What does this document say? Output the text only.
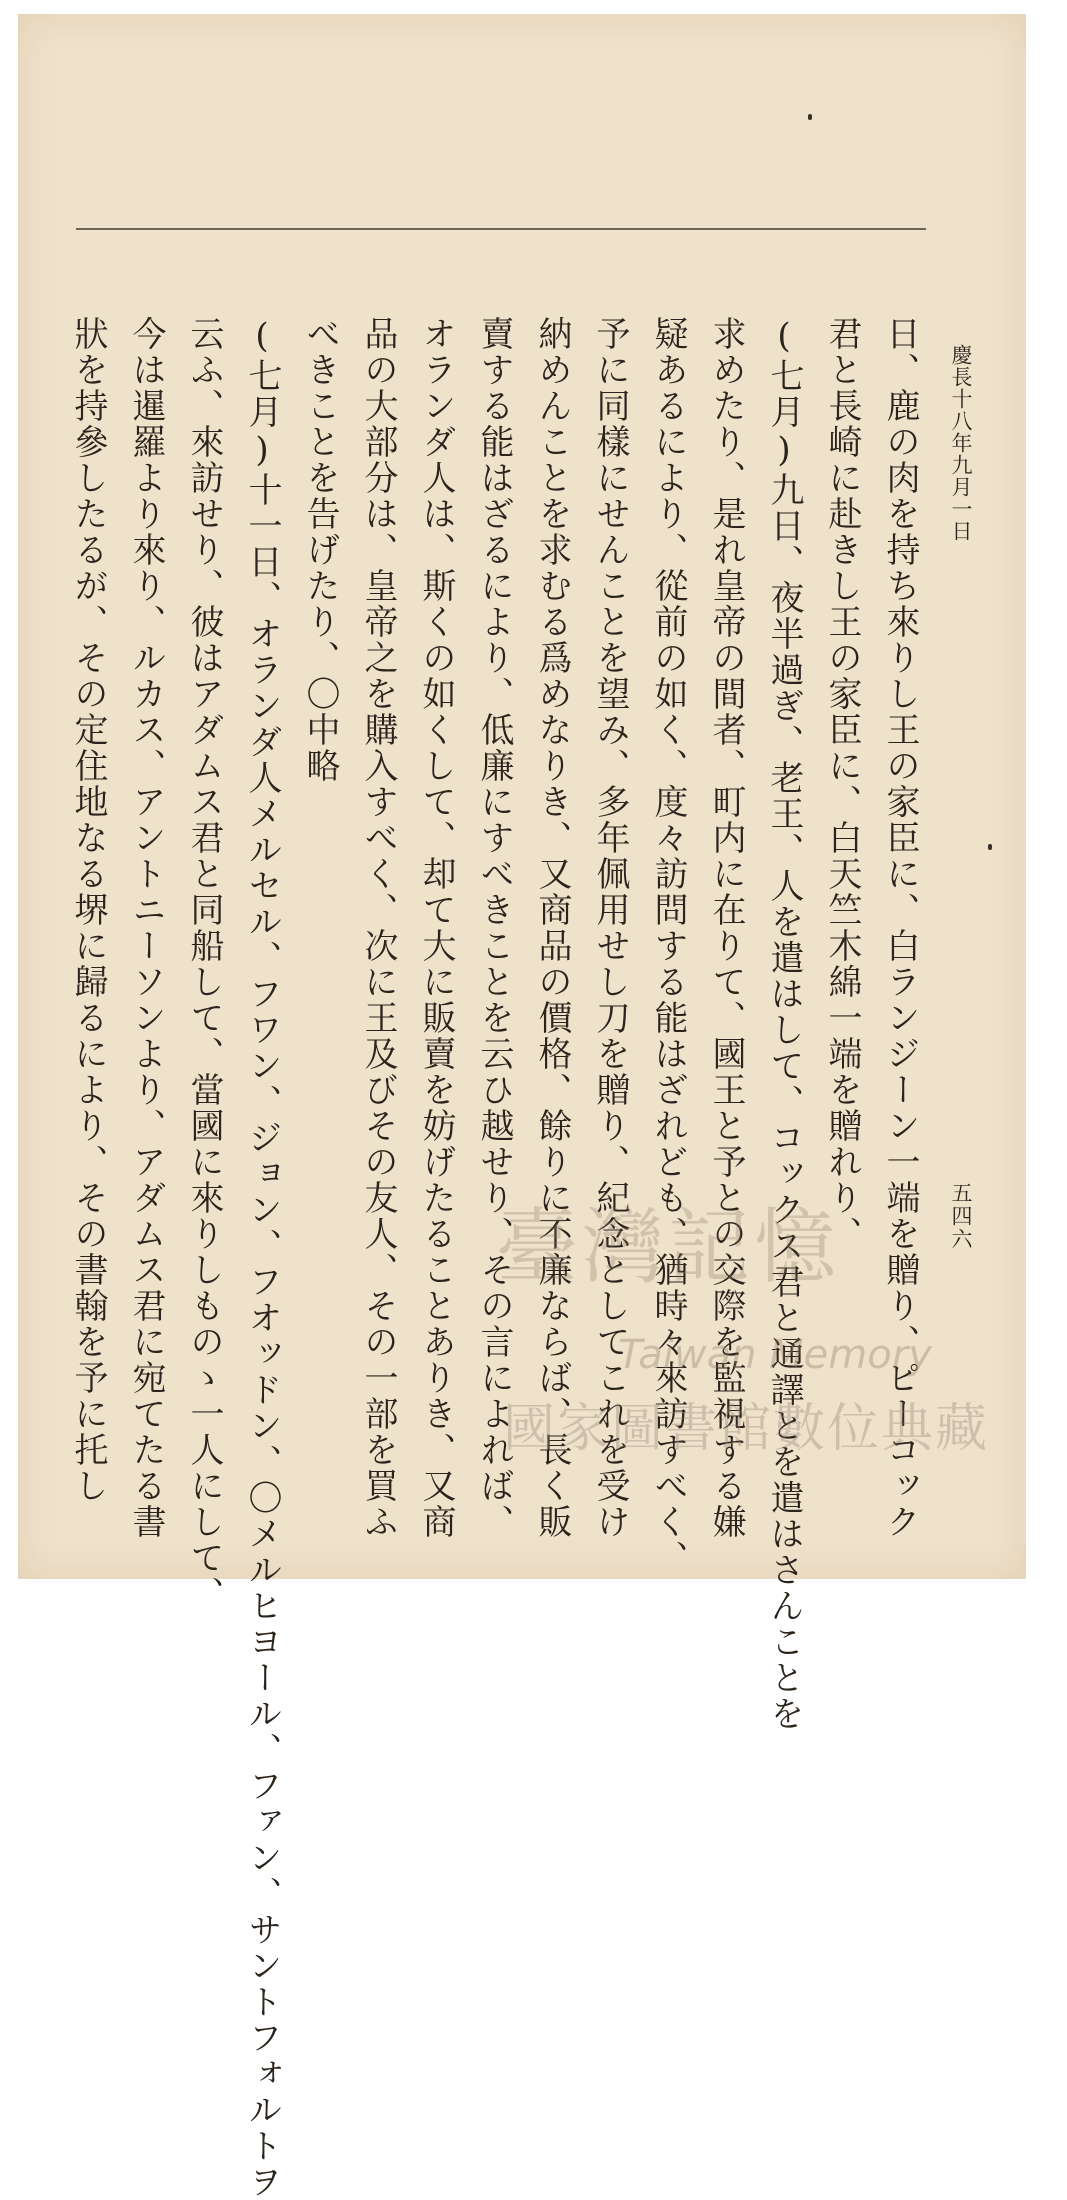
慶長十八年九月一日
五四六
日、鹿の肉を持ち來りし王の家臣に、白ランジーン一端を贈り、ピーコック
君と長崎に赴きし王の家臣に、白天竺木綿一端を贈れり、
(七月)九日、夜半過ぎ、老王、人を遣はして、コックス君と通譯とを遣はさんことを
求めたり、是れ皇帝の間者、町内に在りて、國王と予との交際を監視する嫌
疑あるにより、從前の如く、度々訪問する能はざれども、猶時々來訪すべく、
予に同樣にせんことを望み、多年佩用せし刀を贈り、紀念としてこれを受け
納めんことを求むる爲めなりき、又商品の價格、餘りに不廉ならば、長く販
賣する能はざるにより、低廉にすべきことを云ひ越せり、その言によれば、
オランダ人は、斯くの如くして、却て大に販賣を妨げたることありき、又商
品の大部分は、皇帝之を購入すべく、次に王及びその友人、その一部を買ふ
べきことを告げたり、〇中略
(七月)十一日、オランダ人メルセル、フワン、ジョン、フオッドン、〇メルヒヨール、ファン、サントフォルトヲ
云ふ、來訪せり、彼はアダムス君と同船して、當國に來りしものゝ一人にして、
今は暹羅より來り、ルカス、アントニーソンより、アダムス君に宛てたる書
狀を持參したるが、その定住地なる堺に歸るにより、その書翰を予に托し	臺灣記憶
Taiwan Memory
國家圖書館數位典藏
